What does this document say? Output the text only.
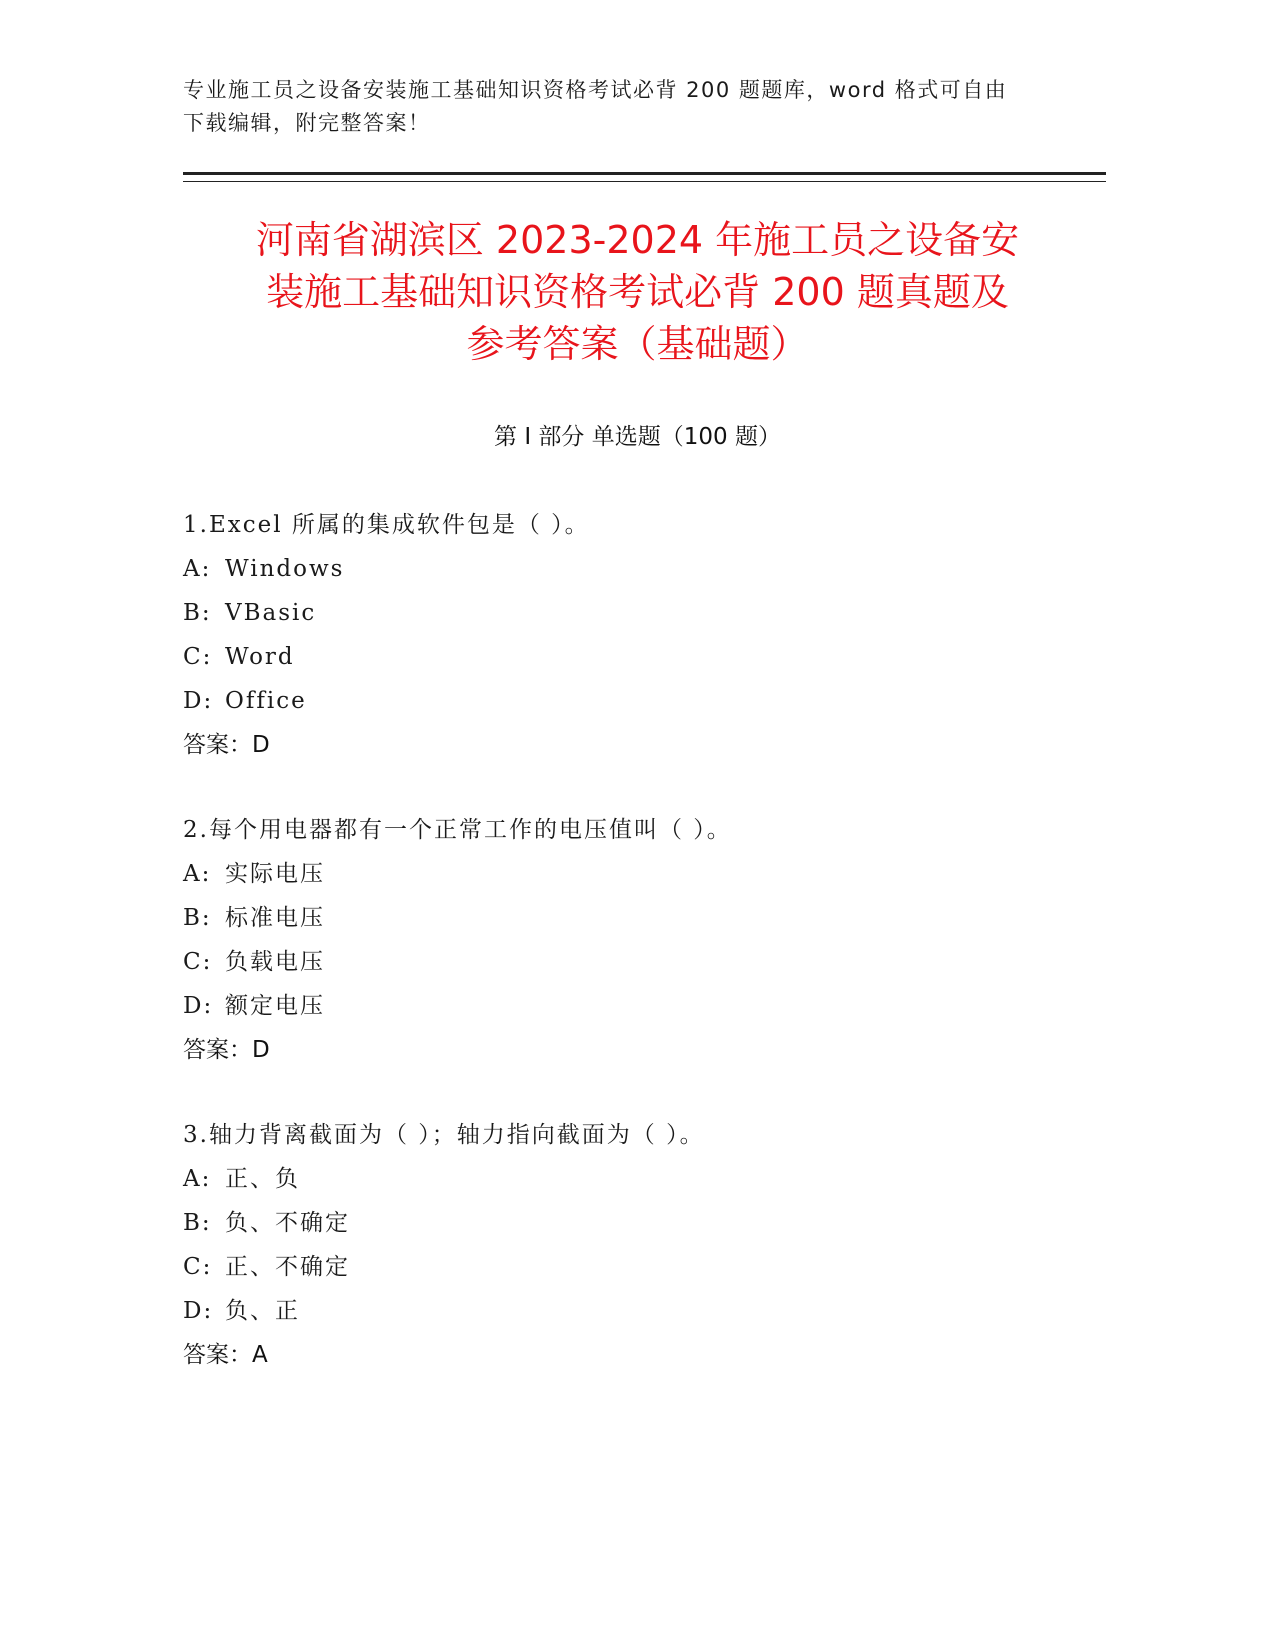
专业施工员之设备安装施工基础知识资格考试必背 200 题题库，word 格式可自由
下载编辑，附完整答案！
河南省湖滨区 2023-2024 年施工员之设备安
装施工基础知识资格考试必背 200 题真题及
参考答案（基础题）
第 I 部分 单选题（100 题）
1.Excel 所属的集成软件包是（ ）。
A: Windows
B: VBasic
C: Word
D: Office
答案：D
2.每个用电器都有一个正常工作的电压值叫（ ）。
A: 实际电压
B: 标准电压
C: 负载电压
D: 额定电压
答案：D
3.轴力背离截面为（ ）；轴力指向截面为（ ）。
A: 正、负
B: 负、不确定
C: 正、不确定
D: 负、正
答案：A
